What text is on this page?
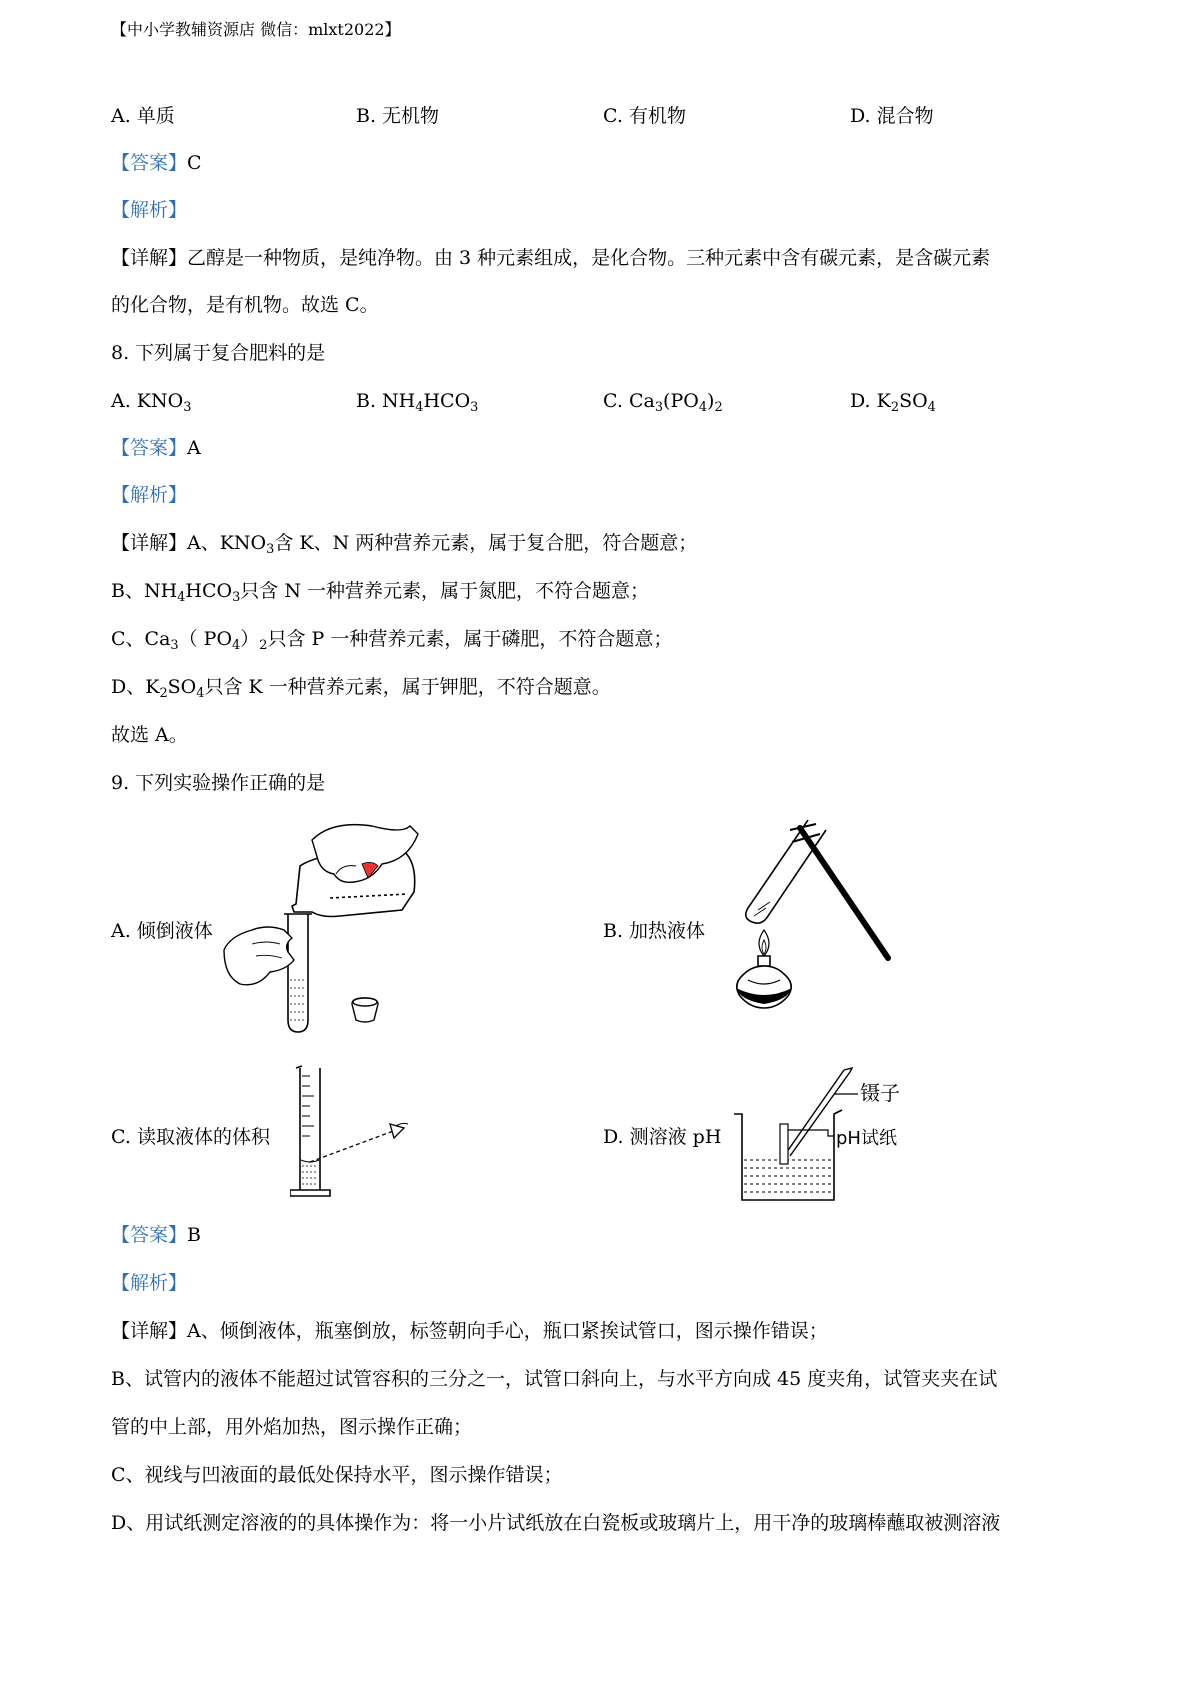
【中小学教辅资源店 微信：mlxt2022】
A. 单质	B. 无机物	C. 有机物	D. 混合物
【答案】C
【解析】
【详解】乙醇是一种物质，是纯净物。由 3 种元素组成，是化合物。三种元素中含有碳元素，是含碳元素
的化合物，是有机物。故选 C。
8. 下列属于复合肥料的是
A. $KNO_3$	B. $NH_4HCO_3$	C. $Ca_3(PO_4)_2$	D. $K_2SO_4$
【答案】A
【解析】
【详解】A、$KNO_3$含 K、N 两种营养元素，属于复合肥，符合题意；
B、$NH_4HCO_3$只含 N 一种营养元素，属于氮肥，不符合题意；
C、$Ca_3$（ $PO_4)_2$只含 P 一种营养元素，属于磷肥，不符合题意；
D、$K_2SO_4$只含 K 一种营养元素，属于钾肥，不符合题意。
故选 A。
9. 下列实验操作正确的是
A. 倾倒液体	B. 加热液体
C. 读取液体的体积	D. 测溶液 pH
镊子
pH试纸
【答案】B
【解析】
【详解】A、倾倒液体，瓶塞倒放，标签朝向手心，瓶口紧挨试管口，图示操作错误；
B、试管内的液体不能超过试管容积的三分之一，试管口斜向上，与水平方向成 45 度夹角，试管夹夹在试
管的中上部，用外焰加热，图示操作正确；
C、视线与凹液面的最低处保持水平，图示操作错误；
D、用试纸测定溶液的的具体操作为：将一小片试纸放在白瓷板或玻璃片上，用干净的玻璃棒蘸取被测溶液
